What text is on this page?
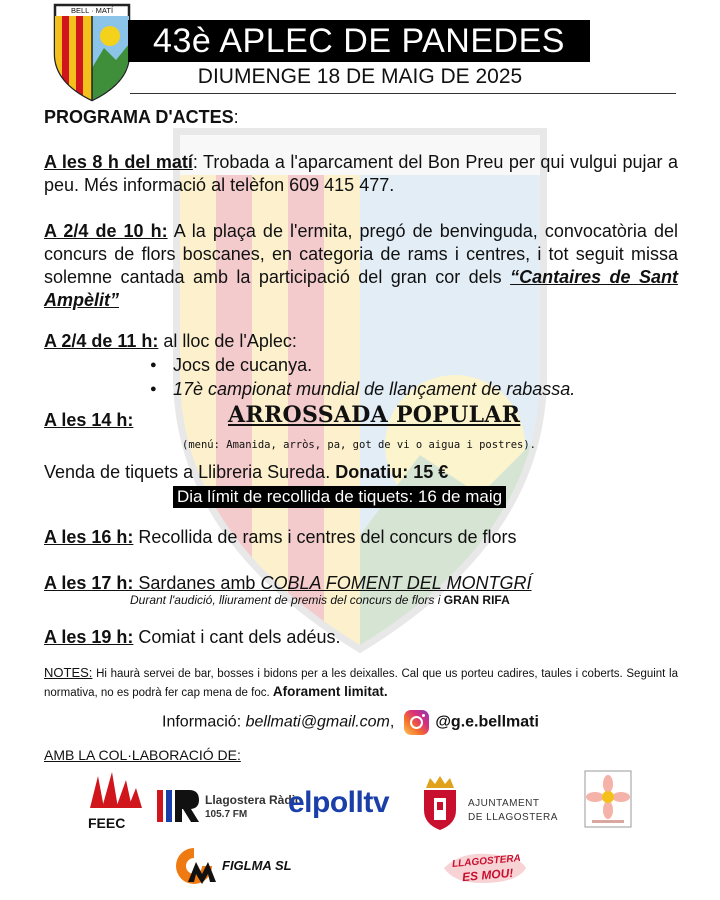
BELL · MATÍ
43è APLEC DE PANEDES
DIUMENGE 18 DE MAIG DE 2025
PROGRAMA D'ACTES:
A les 8 h del matí: Trobada a l'aparcament del Bon Preu per qui vulgui pujar a peu. Més informació al telèfon 609 415 477.
A 2/4 de 10 h: A la plaça de l'ermita, pregó de benvinguda, convocatòria del concurs de flors boscanes, en categoria de rams i centres, i tot seguit missa solemne cantada amb la participació del gran cor dels “Cantaires de Sant Ampèlit”
A 2/4 de 11 h: al lloc de l'Aplec:
● Jocs de cucanya.
● 17è campionat mundial de llançament de rabassa.
A les 14 h:	ARROSSADA POPULAR
(menú: Amanida, arròs, pa, got de vi o aigua i postres).
Venda de tiquets a Llibreria Sureda. Donatiu: 15 €
Dia límit de recollida de tiquets: 16 de maig
A les 16 h: Recollida de rams i centres del concurs de flors
A les 17 h: Sardanes amb COBLA FOMENT DEL MONTGRÍ
Durant l'audició, lliurament de premis del concurs de flors i GRAN RIFA
A les 19 h: Comiat i cant dels adéus.
NOTES: Hi haurà servei de bar, bosses i bidons per a les deixalles. Cal que us porteu cadires, taules i coberts. Seguint la normativa, no es podrà fer cap mena de foc. Aforament limitat.
Informació: bellmati@gmail.com,	@g.e.bellmati
AMB LA COL·LABORACIÓ DE:
FEEC
Llagostera Ràdio
105.7 FM elpolltv	AJUNTAMENT
DE LLAGOSTERA
FIGLMA SL	LLAGOSTERA
ES MOU!
